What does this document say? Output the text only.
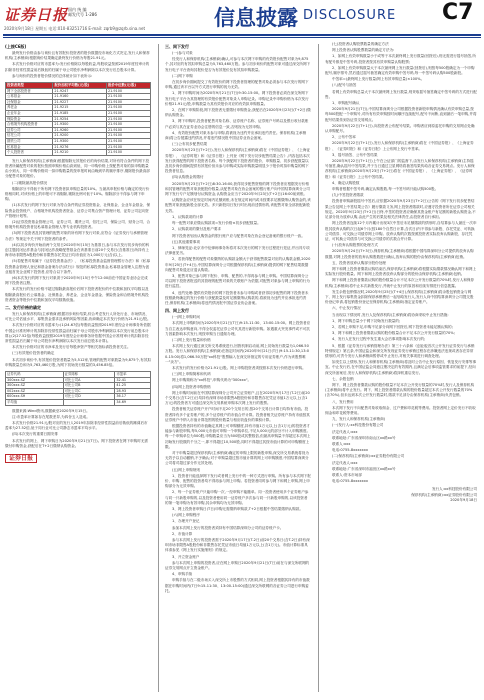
证券日报 国内 统 编
邮发代号 1-286
2020年9月18日 星期五 电话:010-83251716 E-mail: zqrb9@zqrb.sina.net	信息披露 DISCLOSURE C7
(上接C6版)

最终发行价格由参与询价且有效报价投资者的报价数据经市场化方式决定,发行人和保荐机构(主承销商)根据询价结果确定最终发行价格为每股21.91元。

本次发行价格对应的市盈率为:发行价格除以每股收益,每股收益按照2019年度经审计的扣除非经常性损益前后孰低的归属于母公司股东净利润除以本次发行后总股本计算。

参与询价的投资者报价情况的总体统计如下表所示:

投资者类型	报价加权平均数(元/股)	报价中位数(元/股)
网下全部投资者	21.9247	21.9100
公募基金	21.9160	21.9100
社保基金	21.9227	21.9100
养老金	21.9215	21.9100
企业年金	21.9185	21.9100
保险资金	21.9254	21.9100
合格境外机构投资者	21.9300	21.9100
证券公司	21.9260	21.9100
信托公司	21.9200	21.9100
期货公司	21.9300	21.9100
私募基金	21.9276	21.9100
个人投资者	21.9210	21.9100

发行人和保荐机构(主承销商)根据剔除无效报价后的询价结果,对所有符合条件的网下投资者所属配售对象的报价按照申购价格由高到低、同一申购价格上按配售对象的拟申购数量由小到大、同一申购价格同一拟申购数量的按申报时间由晚到早的顺序排序,剔除报价最高部分配售对象的报价。

(二)剔除最高报价情况

剔除部分不得低于所有网下投资者拟申购总量的10%。当最高申报价格与确定的发行价格相同时,对该价格上的申报可不再剔除,剔除比例可低于10%。剔除部分不得参与网下申购。

(1)本次发行的网下发行对象为符合条件的证券投资基金、社保基金、企业年金基金、保险资金投资账户、合格境外机构投资者资金、证券公司集合资产管理计划、证券公司定向资产管理计划等。

(2)证券投资基金管理公司、证券公司、期货公司、信托公司、保险公司、财务公司、合格境外机构投资者及私募基金管理人等专业机构投资者。

(3)网下投资者及其管理的配售对象的所有网下发行对象,应符合《证券发行与承销管理办法》等规定中关于网下投资者的条件。

(4)以初步询价开始前两个交易日2020年9月15日为基准日,参与本次发行初步询价的科创主题封闭运作基金与封闭运作战略配售基金在该基准日前20个交易日(含基准日)所持有上海市场非限售A股股份和非限售存托凭证日均市值应为1,000万元(含)以上。

(5)若配售对象属于《证券投资基金法》、《私募投资基金监督管理暂行办法》和《私募投资基金管理人登记和基金备案办法(试行)》规范的私募投资基金,私募基金管理人注册为创业板首发企业网下投资者,应符合以下条件。

(6)本次发行的网下发行对象须于2020年9月15日中午12:00前在中国证券业协会完成网下投资者注册。

本次发行的发行价格不超过剔除最高报价后网下投资者报价的中位数和加权平均数以及剔除最高报价后公募基金、社保基金、养老金、企业年金基金、保险资金和合格境外机构投资者资金等报价中位数和加权平均数孰低值。

二、发行价格的确定

发行人和保荐机构(主承销商)根据初步询价结果,综合考虑发行人所处行业、市场情况、可比公司估值水平、募集资金需求及承销风险等因素,协商确定本次发行价格为21.91元/股。

本次发行价格对应的市盈率为:(1)24.67倍(每股收益按照2019年度经会计师事务所依据中国会计准则审计的扣除非经常性损益前归属于母公司股东净利润除以本次发行前总股本计算);(2)27.52倍(每股收益按照2019年度经会计师事务所依据中国会计准则审计的扣除非经常性损益后归属于母公司股东净利润除以本次发行前总股本计算)。

本次发行价格对应的市净率及发行后每股净资产等相关指标请投资者关注。

(三)有效报价投资者的确定

本次初步询价中,有效报价投资者数量为5,512家,管理的配售对象数量为9,875个,有效拟申购数量总和为5,763,460万股,为网下初始发行数量的3,456.85倍。

证券代码	证券简称	市盈率
300xxx.SZ	可比公司A	32.41
300xxx.SZ	可比公司B	41.25
002xxx.SZ	可比公司C	28.93
600xxx.SH	可比公司D	36.17
平均值		34.69

数据来源:Wind资讯,数据截至2020年9月15日。

注:市盈率计算如存在尾数差异,为四舍五入造成。

本次发行价格21.91元/股对应的发行人2019年扣除非经常性损益前后孰低的摊薄后市盈率为27.52倍,低于同行业可比公司静态市盈率平均水平。

(四)本次发行的重要日期安排

本次发行的网上、网下申购日为2020年9月21日(T日)。网下投资者在网下申购时无需缴付申购资金,获配后在T+2日缴纳认购资金。

证券日报
三、网下发行

(一)参与对象

经发行人和保荐机构(主承销商)确认,可参与本次网下申购的有效报价配售对象为9,875个,其对应的有效拟申购总量为5,763,460万股。参与初步询价的配售对象可通过深交所网下发行电子平台查询其报价是否为有效报价及有效拟申购数量。

(二)网下申购

在初步询价期间提交了有效报价的网下投资者管理的配售对象必须参与本次发行的网下申购,通过该平台以外方式进行申购的视为无效。

1、网下申购时间为2020年9月21日(T日)9:30-15:00。网下投资者必须在深交所网下发行电子平台为其管理的有效报价配售对象录入申购记录。申购记录中申购价格为本次发行价格21.91元/股,申购数量为其有效报价对应的有效拟申购数量。

2、在网下申购阶段,网下投资者无需缴付申购资金,获配后在2020年9月23日(T+2日)缴纳认购资金。

3、网下申购时,投资者配售对象名称、证券账户名称、证券账户号码以及银行收付款账户必须与其在证券业协会注册的信息一致,否则视为无效申购。

4、有效报价配售对象未参与申购,将被视为违约并应承担违约责任。保荐机构(主承销商)将公告披露违约情况,并将违约情况报中国证券业协会备案。

(三)公布初步配售结果

2020年9月23日(T+2日),发行人和保荐机构(主承销商)将在《中国证券报》、《上海证券报》、《证券时报》和《证券日报》上刊登《网下发行初步配售结果公告》,内容包括本次发行获得配售的网下投资者名称、每个获配网下投资者的报价、申购数量、初步获配数量以及初步询价期间提供有效报价但未参与申购或实际申购数量明显少于报价时拟申购量的网下投资者信息。

(四)认购资金的缴付

2020年9月23日(T+2日)8:30-16:00,获得初步配售资格的网下投资者应根据发行价格和其管理的配售对象获配股份数量,从配售对象在协会备案的银行账户向中国结算深圳分公司网下发行专户足额划付认购资金,认购资金应当于2020年9月23日(T+2日)16:00前到账。

认购资金应该在规定时间内足额到账,未在规定时间内或未按要求足额缴纳认购资金的,该配售对象获配新股全部无效。多只新股同日发行时出现前述情形的,该配售对象全部获配新股无效。

1、认购款项的计算

每一配售对象应缴认购款项=发行价格×初步获配数量。

2、认购款项的缴付及账户要求

网下投资者划出认购资金的银行账户应与配售对象在协会登记备案的银行账户一致。

(五)其他重要事项

1、律师见证:北京市中伦律师事务所将对本次发行的网下发行过程进行见证,并出具专项法律意见书。

2、若获得配售的配售对象缴纳的认购款金额大于获得配售数量对应的认购款金额,2020年9月25日(T+4日),中国结算深圳分公司根据保荐机构(主承销商)提供的网下配售结果数据向配售对象退还应退认购款。

3、配售对象已参与网下报价、申购、配售的,不得再参与网上申购。中国结算深圳分公司以网下投资者报送的其管理的配售对象的关联账户为依据,对配售对象参与网上申购的行为进行监控。

4、违约处理:提供有效报价的网下投资者未参与申购或者获得初步配售的网下投资者未按照最终确定的发行价格与获配数量及时足额缴纳认购款的,将被视为违约并应承担违约责任,保荐机构(主承销商)将违约情况报中国证券业协会备案。

四、网上发行

(一)网上申购时间

本次网上申购时间为2020年9月21日(T日)9:15-11:30、13:00-15:00。网上投资者应当自主表达申购意向,不得全权委托证券公司代其进行新股申购。如遇重大突发事件或不可抗力因素影响本次发行,则按申购当日通知办理。

(二)网上发行数量和价格

本次网上发行通过深交所交易系统进行,回拨机制启动前,网上初始发行数量为1,066.50万股。发行人和保荐机构(主承销商)在指定时间内(2020年9月21日(T日)9:15-11:30,13:00-15:00)将1,066.50万股"xx科技"股票输入在深交所指定的专用证券账户,作为该股票唯一"卖方"。

本次发行的发行价格为21.91元/股。网上申购投资者须按照本次发行价格进行申购。

(三)网上申购简称和代码

网上申购简称为"xx科技",申购代码为"300xxx"。

(四)网上投资者申购资格

网上申购时间前在中国结算深圳分公司开立证券账户,且在2020年9月17日(T-2日)前20个交易日(含T-2日)日均持有深圳市场非限售A股股份和非限售存托凭证市值1万元以上(含1万元)的投资者方可通过深交所交易系统申购本次网上发行的股票。

投资者相关证券账户开户时间不足20个交易日的,按20个交易日计算日均持有市值。投资者持有多个证券账户的,多个证券账户的市值合并计算。投资者相关证券账户持有市值按其证券账户中纳入市值计算范围的股份数量与相应收盘价的乘积计算。

根据投资者持有的市值确定其网上可申购额度,持有市值1万元以上(含1万元)的投资者才能参与新股申购,每5,000元市值可申购一个申购单位,不足5,000元的部分不计入申购额度。每一个申购单位为500股,申购数量应当为500股或其整数倍,但最高申购量不得超过本次网上初始发行股数的千分之一,即不得超过10,500股,同时不得超过其按市值计算的可申购额度上限。

对于申购量超过保荐机构(主承销商)确定的申购上限的新股申购,深交所交易系统将视为无效予以自动撤销,不予确认;对于申购量超过按市值计算的网上可申购额度,中国结算深圳分公司将对超过部分作无效处理。

(五)网上申购规则

1、投资者只能选择网下发行或者网上发行中的一种方式进行申购。所有参与本次网下报价、申购、配售的投资者均不得再参与网上申购。若投资者同时参与网下和网上申购,网上申购部分为无效申购。

2、每一个证券账户只能申购一次,一经申购不能撤单。同一投资者使用多个证券账户参与同一只新股申购的,以及投资者使用同一证券账户多次参与同一只新股申购的,以该投资者的第一笔申购为有效申购,其余申购均为无效申购。

3、网上投资者申购日(T日)申购无需缴纳申购款,T+2日根据中签结果缴纳认购款。

(六)网上申购程序

1、办理开户登记

参加本次网上发行的投资者须持有中国结算深圳分公司的证券账户卡。

2、市值计算

参与本次网上发行的投资者需于2020年9月17日(T-2日)前20个交易日(含T-2日)持有深圳市场非限售A股股份和非限售存托凭证市值日均值1万元以上(含1万元)。市值计算标准具体请参见《网上发行实施细则》的规定。

3、开立资金账户

参与本次网上申购的投资者,应在网上申购日2020年9月21日(T日)前在与深交所联网的证券交易网点开立资金账户。

4、申购手续

申购手续与在二级市场买入深交所上市股票的方式相同,网上投资者根据其持有的市值数据在申购时间内(T日9:15-11:30、13:00-15:00)通过深交所联网的各证券公司进行申购委托。

(七)投资者认购股票数量的确定方法

网上投资者认购股票数量的确定方法为:

1、如网上有效申购数量小于或等于本次最终网上发行数量(回拨后),则无需进行摇号抽签,所有配号都是中签号码,投资者按其有效申购量认购股票;

2、如网上有效申购数量大于本次最终网上发行数量(回拨后),则按每500股确定为一个申购配号,顺序排号,然后通过摇号抽签确定有效申购中签号码,每一中签号码认购500股新股。

中签率=(最终网上发行数量/网上有效申购总量)×100%。

(八)配号与抽签

若网上有效申购总量大于本次最终网上发行数量,则采取摇号抽签确定中签号码的方式进行配售。

1、申购配号确认

2020年9月21日(T日),中国结算深圳分公司根据投资者新股申购情况确认有效申购总量,按每500股配一个申购号,对所有有效申购按时间顺序连续配号,配号不间断,直到最后一笔申购,并将配号结果传到各证券交易网点。

2020年9月22日(T+1日),向投资者公布配号结果。申购者应到原委托申购的交易网点处确认申购配号。

2、公布中签率

2020年9月22日(T+1日),发行人和保荐机构(主承销商)将在《中国证券报》、《上海证券报》、《证券时报》和《证券日报》上公布网上发行中签率。

3、摇号抽签、公布中签结果

2020年9月22日(T+1日)上午在公证部门的监督下,由发行人和保荐机构(主承销商)主持摇号抽签,确认摇号中签结果,并于当日通过卫星网络将抽签结果传给各证券交易网点。发行人和保荐机构(主承销商)2020年9月23日(T+2日)将在《中国证券报》、《上海证券报》、《证券时报》和《证券日报》上公布中签结果。

4、确定认购股数

申购者根据中签号码,确定认购股数,每一中签号码只能认购500股。

(九)中签投资者缴款

投资者申购新股摇号中签后,应依据2020年9月23日(T+2日)公告的《网下发行初步配售结果公告及网上中签结果公告》履行缴款义务,网上投资者缴款时,应遵守投资者所在证券公司相关规定。2020年9月23日(T+2日)日终,中签的投资者应确保其资金账户有足额的新股认购资金,不足部分视为放弃认购,由此产生的后果及相关法律责任,由投资者自行承担。

网上投资者连续12个月内累计出现3次中签后未足额缴款的情形时,自结算参与人最近一次申报其放弃认购的次日起6个月(按180个自然日计算,含次日)内不得参与新股、存托凭证、可转换公司债券、可交换公司债券网上申购。放弃认购的次数按照投资者实际放弃认购新股、存托凭证、可转换公司债券与可交换公司债券的次数合并计算。

(十)放弃认购股票的处理方式

2020年9月24日(T+3日),保荐机构(主承销商)将根据中国结算深圳分公司提供的放弃认购数据,对网上投资者的放弃认购股数进行确认,放弃认购的股份由保荐机构(主承销商)包销。

五、投资者放弃认购部分股份处理

网下和网上投资者缴款认购结束后,保荐机构(主承销商)将根据实际缴款情况确认网下和网上实际发行股份数量。网下和网上投资者放弃认购部分的股份由保荐机构(主承销商)包销。

网下和网上投资者缴款认购的股份数量合计不足本次公开发行数量的70%时,发行人和保荐机构(主承销商)将中止本次新股发行,并就中止发行的原因和后续安排进行信息披露。

发生余股包销情况时,2020年9月25日(T+4日),保荐机构(主承销商)将余股包销资金与网下、网上发行募集资金扣除保荐承销费后一起划给发行人,发行人向中国结算深圳分公司提交股份登记申请,将包销股份登记至保荐机构(主承销商)指定证券账户。

六、中止发行情况

当出现以下情况时,发行人及保荐机构(主承销商)将协商采取中止发行措施:

1、网下申购总量小于网下初始发行数量的;

2、若网上申购不足,申购不足部分向网下回拨后,网下投资者未能足额认购的;

3、网下和网上投资者缴款认购的股份数量合计不足本次公开发行数量的70%;

4、发行人在发行过程中发生重大会后事项影响本次发行的;

5、根据《证券发行与承销管理办法》第三十六条和《创业板首次公开发行证券发行与承销特别规定》第五条,中国证监会和深交所发现证券发行承销过程存在涉嫌违法违规或者存在异常情形的,可责令发行人和承销商暂停或中止发行,对相关事项进行调查处理。

如发生以上情形,发行人和保荐机构(主承销商)将及时公告中止发行原因、恢复发行安排等事宜。中止发行后,在中国证监会同意注册决定的有效期内,且满足会后事项监管要求的前提下,经向深交所备案后,发行人和保荐机构(主承销商)将择机重启发行。

七、余股包销

网下、网上投资者缴款认购的股份数量不足本次公开发行数量的70%时,发行人及保荐机构(主承销商)将中止发行。网下、网上投资者缴款认购的股份数量超过本次公开发行数量的70%(含70%),但未达到本次公开发行数量时,缴款不足部分由保荐机构(主承销商)负责包销。

八、发行费用

本次网下发行不向配售对象收取佣金、过户费和印花税等费用。投资者网上定价发行不收取佣金和印花税等费用。

九、发行人和保荐机构(主承销商)

(一)发行人:xx科技股份有限公司

法定代表人:xxx

联系地址:广东省深圳市南山区xx路xx号

联系人:xxx

电话:0755-8xxxxxxx

(二)保荐机构(主承销商):xx证券股份有限公司

法定代表人:xxx

联系地址:广东省深圳市福田区xx路xx号

联系人:资本市场部

电话:0755-8xxxxxxx

发行人:xx科技股份有限公司
保荐机构(主承销商):xx证券股份有限公司
2020年9月18日
